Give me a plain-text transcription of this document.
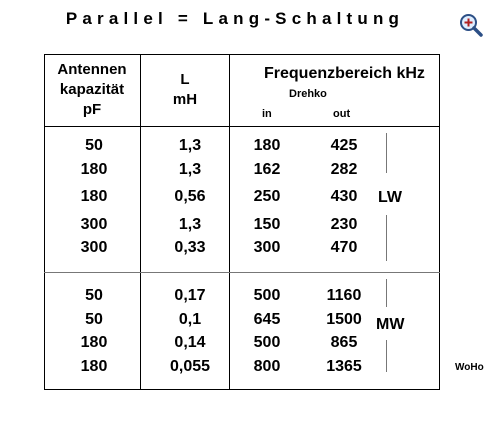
Parallel = Lang-Schaltung
Antennen
kapazität
pF
L
mH
Frequenzbereich kHz
Drehko
in	out
LW
MW
50	1,3	180	425
180	1,3	162	282
180	0,56	250	430
300	1,3	150	230
300	0,33	300	470
50	0,17	500	1160
50	0,1	645	1500
180	0,14	500	865
180	0,055	800	1365	WoHo
